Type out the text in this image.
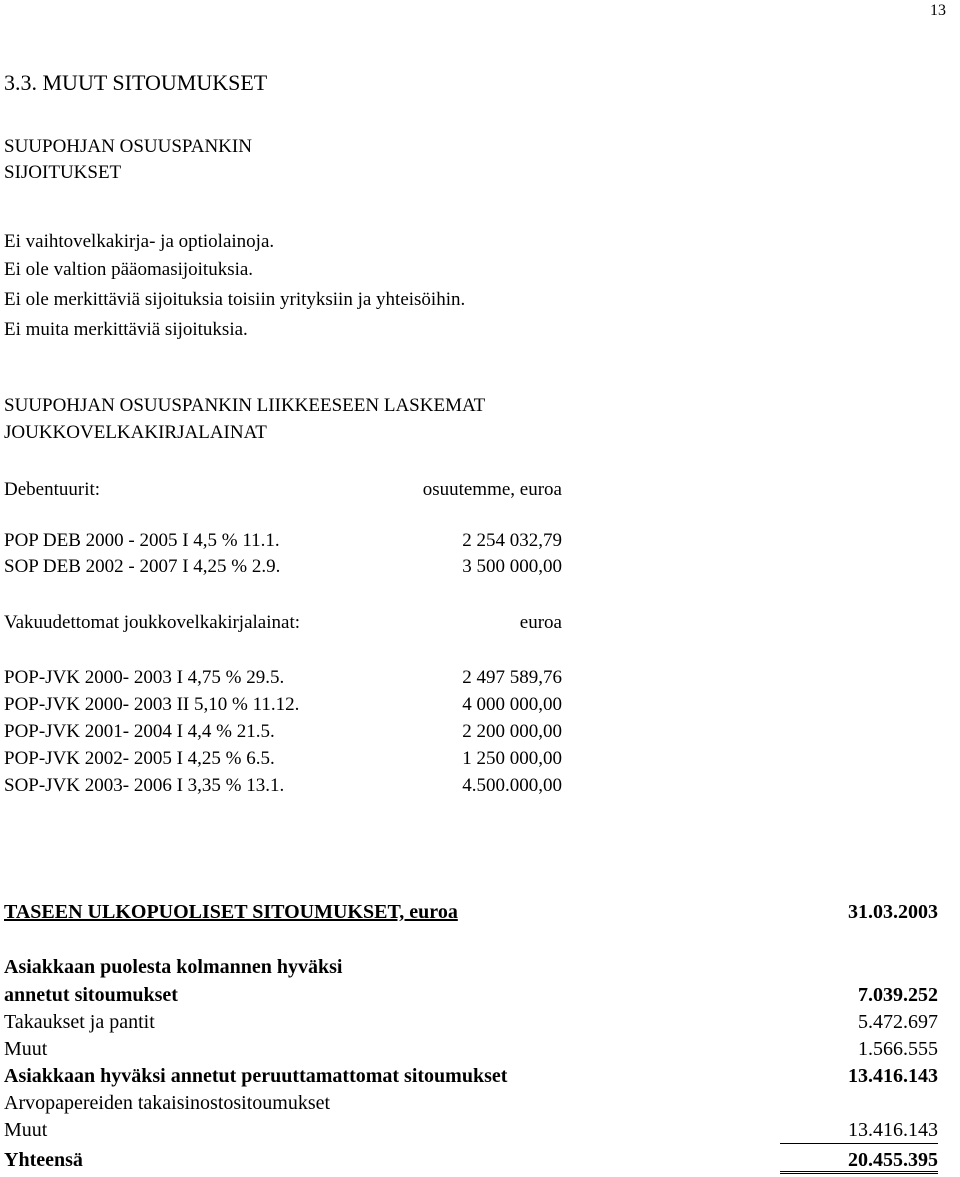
13
3.3. MUUT SITOUMUKSET
SUUPOHJAN OSUUSPANKIN
SIJOITUKSET
Ei vaihtovelkakirja- ja optiolainoja.
Ei ole valtion pääomasijoituksia.
Ei ole merkittäviä sijoituksia toisiin yrityksiin ja yhteisöihin.
Ei muita merkittäviä sijoituksia.
SUUPOHJAN OSUUSPANKIN LIIKKEESEEN LASKEMAT
JOUKKOVELKAKIRJALAINAT
Debentuurit:	osuutemme, euroa
POP DEB 2000 - 2005 I 4,5 % 11.1.	2 254 032,79
SOP DEB 2002 - 2007 I 4,25 % 2.9.	3 500 000,00
Vakuudettomat joukkovelkakirjalainat:	euroa
POP-JVK 2000- 2003 I 4,75 % 29.5.	2 497 589,76
POP-JVK 2000- 2003 II 5,10 % 11.12.	4 000 000,00
POP-JVK 2001- 2004 I 4,4 % 21.5.	2 200 000,00
POP-JVK 2002- 2005 I 4,25 % 6.5.	1 250 000,00
SOP-JVK 2003- 2006 I 3,35 % 13.1.	4.500.000,00
TASEEN ULKOPUOLISET SITOUMUKSET, euroa	31.03.2003
Asiakkaan puolesta kolmannen hyväksi
annetut sitoumukset	7.039.252
Takaukset ja pantit	5.472.697
Muut	1.566.555
Asiakkaan hyväksi annetut peruuttamattomat sitoumukset	13.416.143
Arvopapereiden takaisinostositoumukset
Muut	13.416.143
Yhteensä	20.455.395
